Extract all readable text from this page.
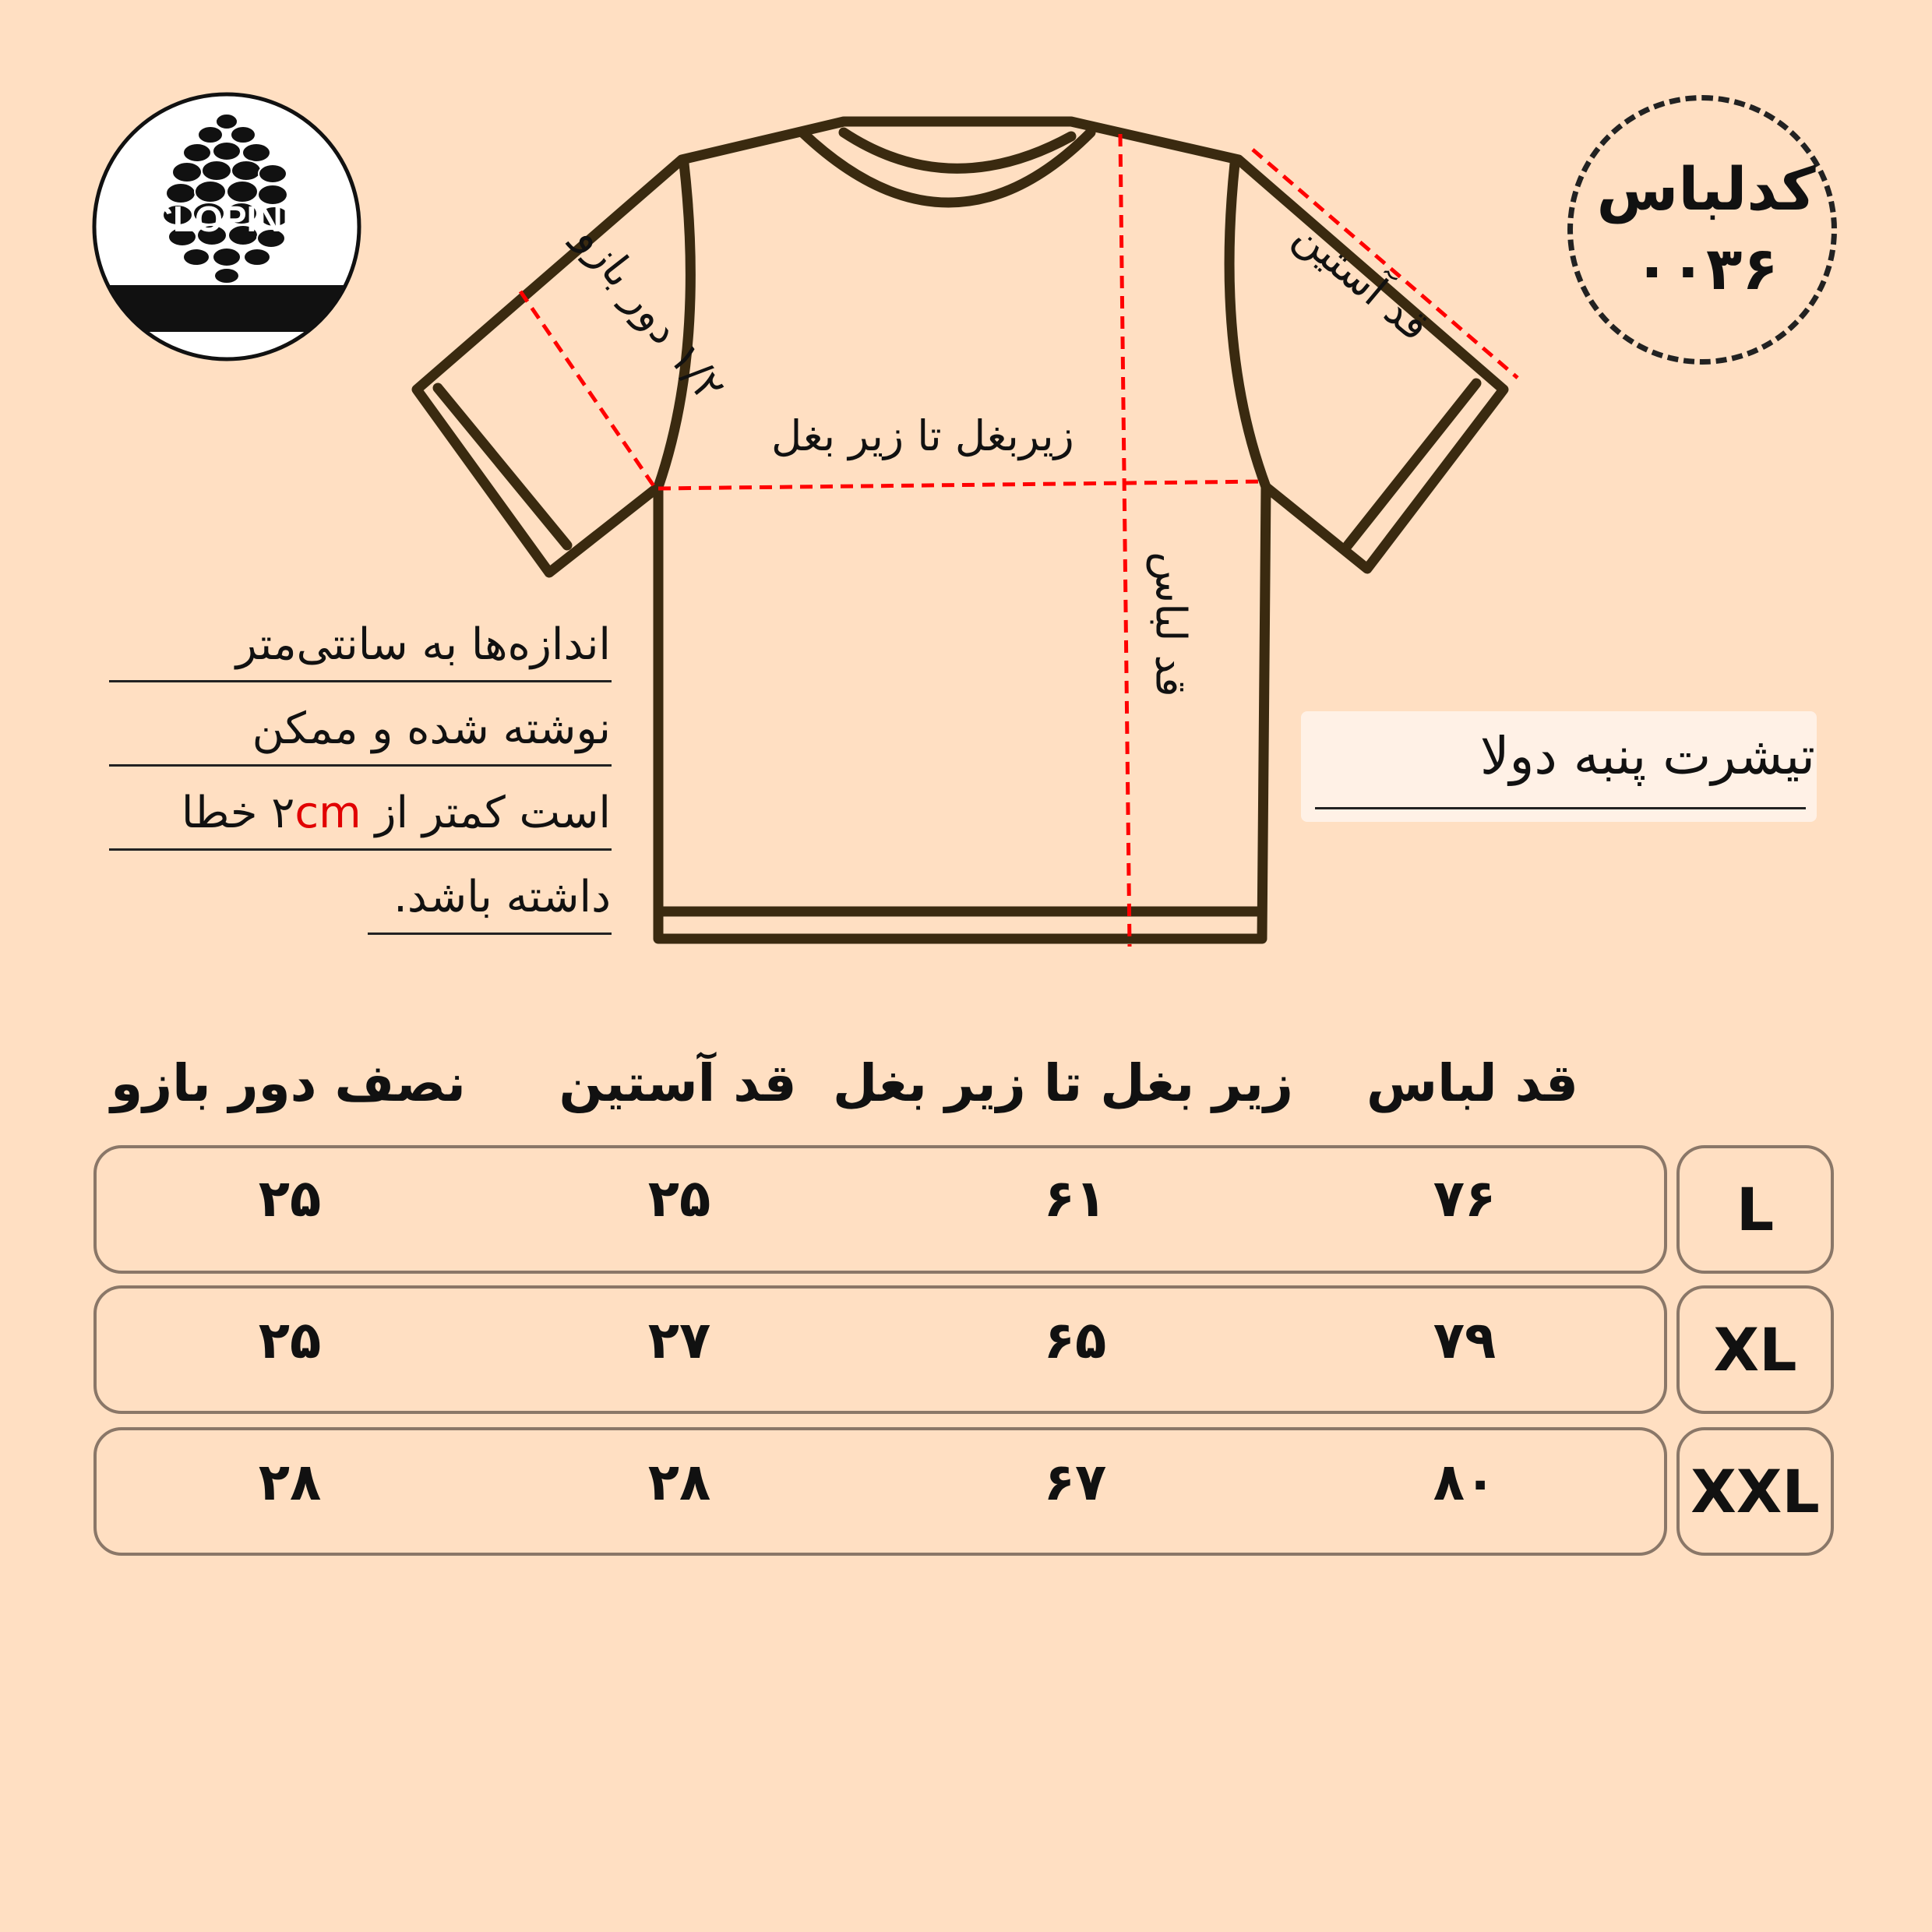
CLOPINE	کدلباس
۰۰۳۶
زیربغل تا زیر بغل
قد آستین
۱/۲ دور بازو
قد لباس
اندازه‌ها به سانتی‌متر
نوشته شده و ممکن
است کمتر از ۲cm خطا
داشته باشد.
تیشرت پنبه دولا
قد لباس
زیر بغل تا زیر بغل
قد آستین
نصف دور بازو
L
۷۶
۶۱
۲۵
۲۵
XL
۷۹
۶۵
۲۷
۲۵
XXL
۸۰
۶۷
۲۸
۲۸
